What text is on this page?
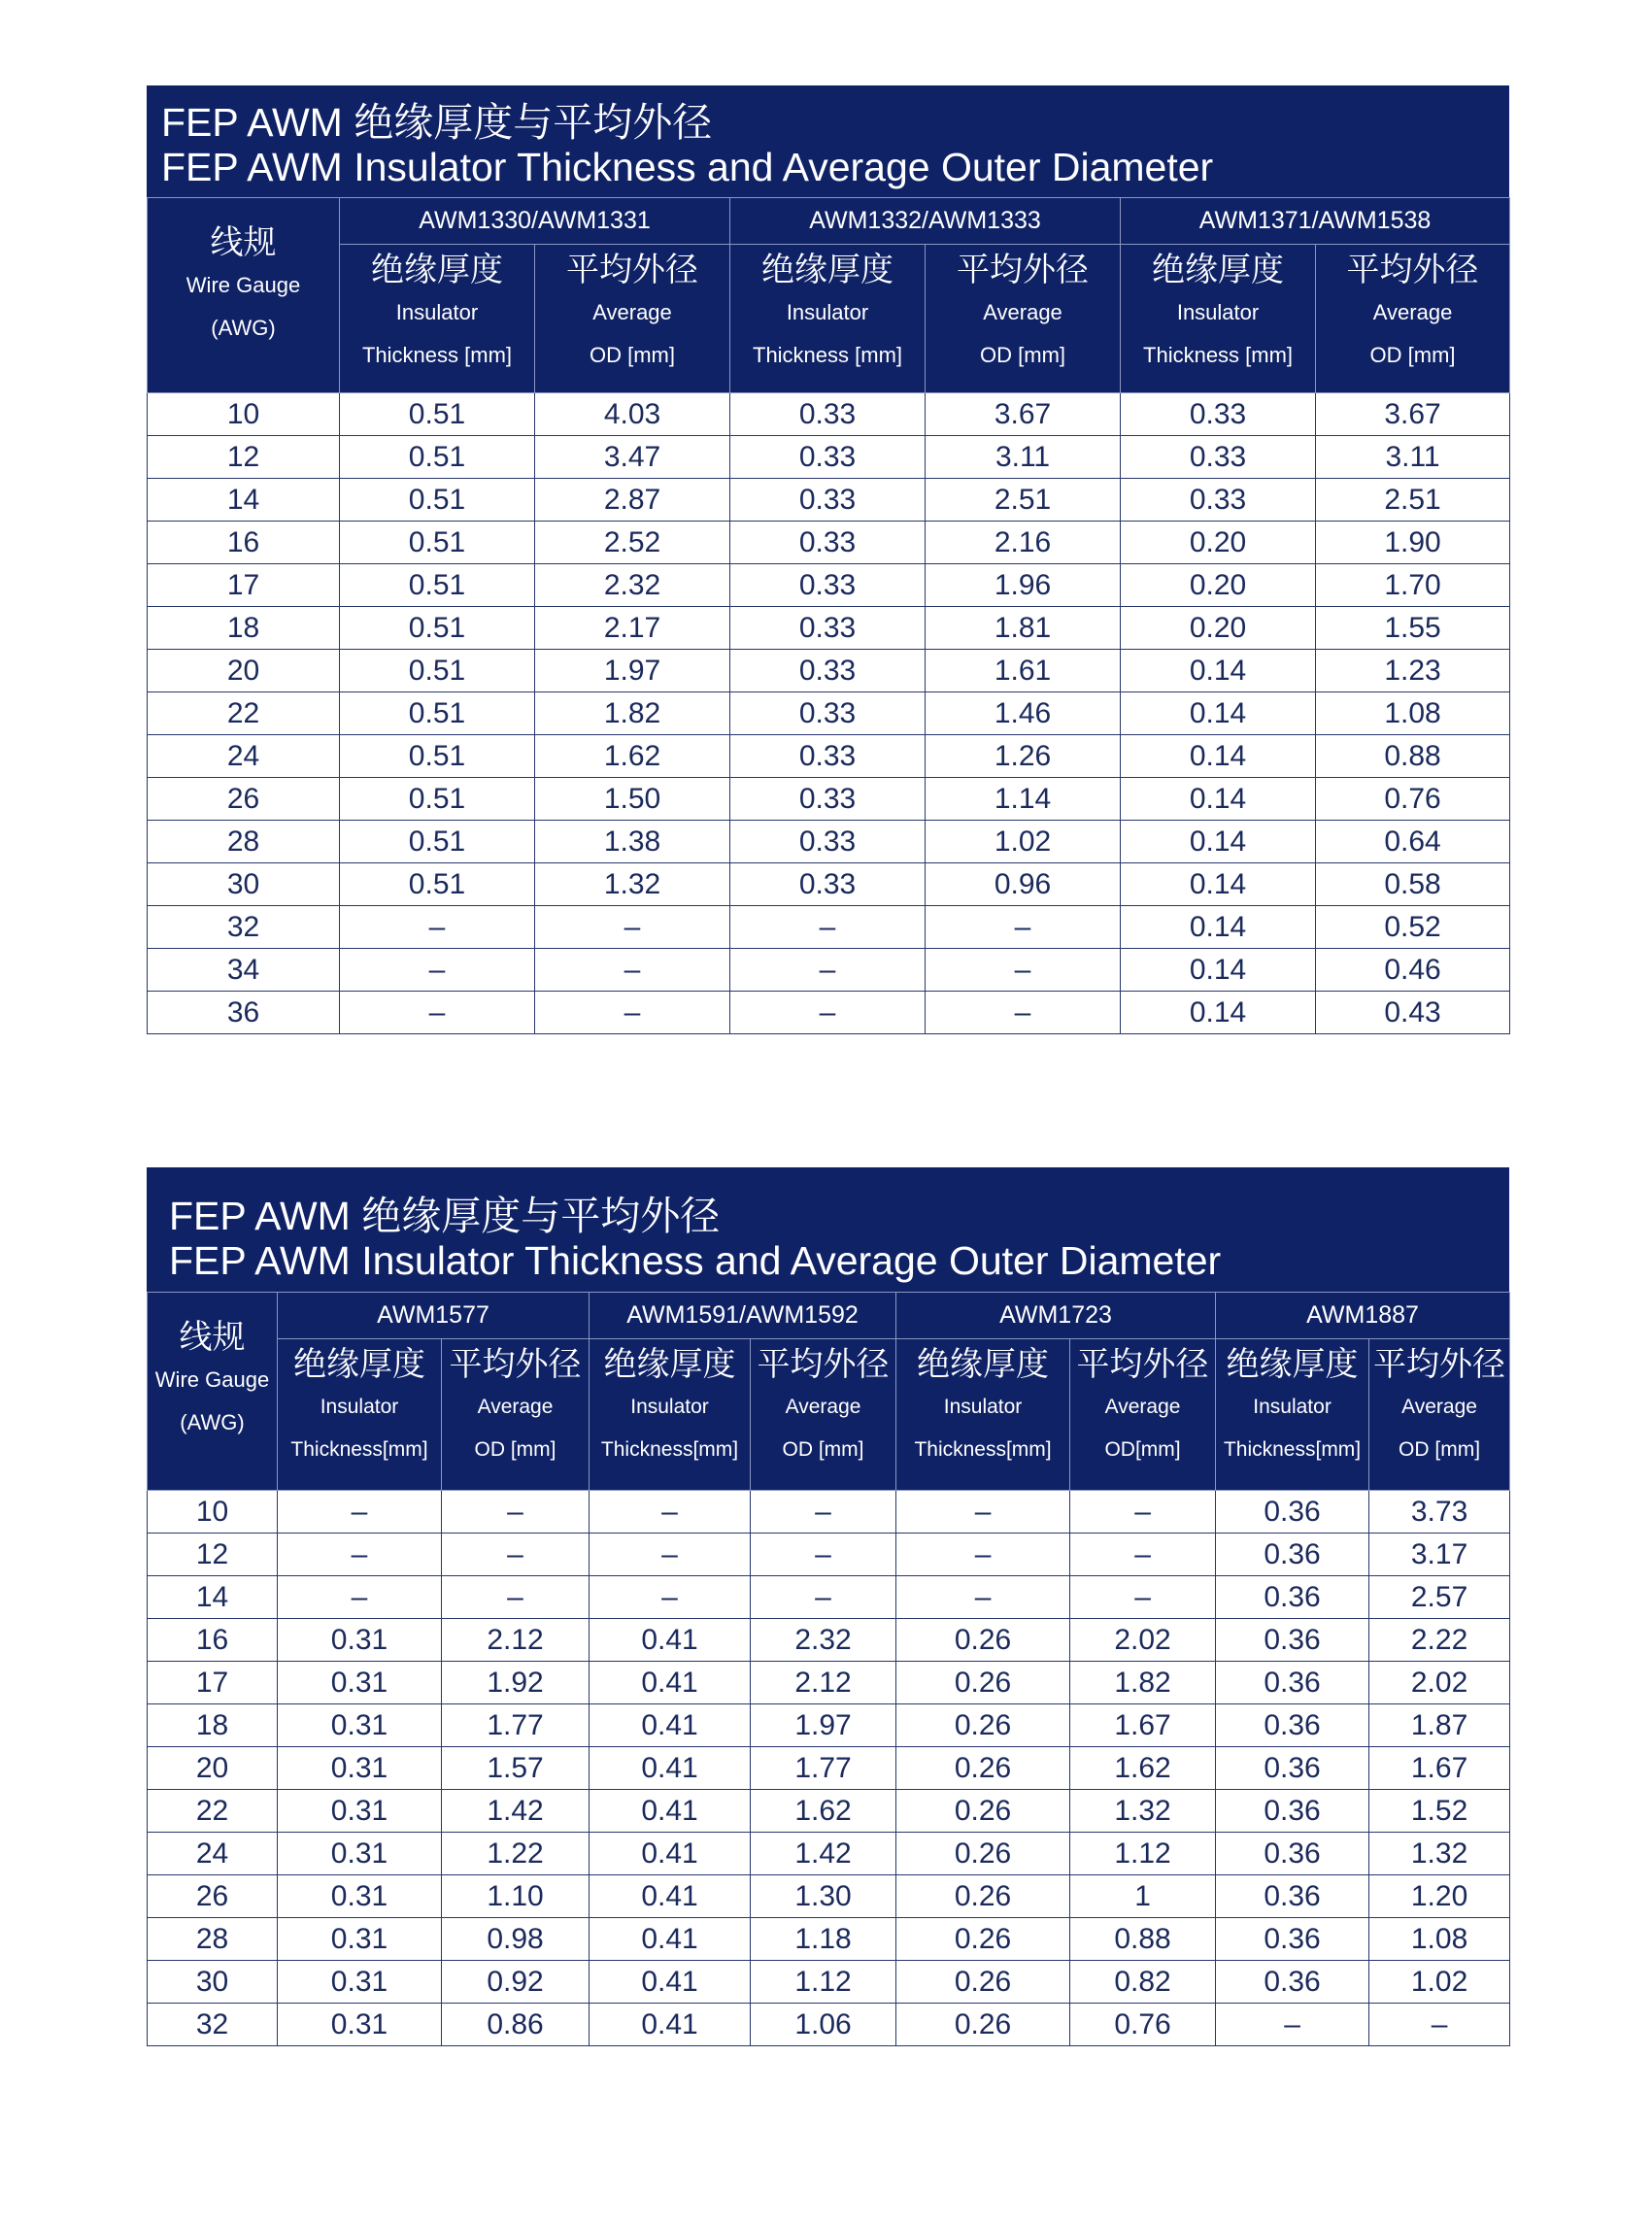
FEP AWM 绝缘厚度与平均外径
FEP AWM Insulator Thickness and Average Outer Diameter
线规
Wire Gauge
(AWG)	AWM1330/AWM1331		AWM1332/AWM1333		AWM1371/AWM1538	

	绝缘厚度
Insulator
Thickness [mm]	平均外径
Average
OD [mm]	绝缘厚度
Insulator
Thickness [mm]	平均外径
Average
OD [mm]	绝缘厚度
Insulator
Thickness [mm]	平均外径
Average
OD [mm]

10	0.51	4.03	0.33	3.67	0.33	3.67
12	0.51	3.47	0.33	3.11	0.33	3.11
14	0.51	2.87	0.33	2.51	0.33	2.51
16	0.51	2.52	0.33	2.16	0.20	1.90
17	0.51	2.32	0.33	1.96	0.20	1.70
18	0.51	2.17	0.33	1.81	0.20	1.55
20	0.51	1.97	0.33	1.61	0.14	1.23
22	0.51	1.82	0.33	1.46	0.14	1.08
24	0.51	1.62	0.33	1.26	0.14	0.88
26	0.51	1.50	0.33	1.14	0.14	0.76
28	0.51	1.38	0.33	1.02	0.14	0.64
30	0.51	1.32	0.33	0.96	0.14	0.58
32	–	–	–	–	0.14	0.52
34	–	–	–	–	0.14	0.46
36	–	–	–	–	0.14	0.43
FEP AWM 绝缘厚度与平均外径
FEP AWM Insulator Thickness and Average Outer Diameter
线规
Wire Gauge
(AWG)	AWM1577		AWM1591/AWM1592		AWM1723		AWM1887	

	绝缘厚度
Insulator
Thickness[mm]	平均外径
Average
OD [mm]	绝缘厚度
Insulator
Thickness[mm]	平均外径
Average
OD [mm]	绝缘厚度
Insulator
Thickness[mm]	平均外径
Average
OD[mm]	绝缘厚度
Insulator
Thickness[mm]	平均外径
Average
OD [mm]

10	–	–	–	–	–	–	0.36	3.73
12	–	–	–	–	–	–	0.36	3.17
14	–	–	–	–	–	–	0.36	2.57
16	0.31	2.12	0.41	2.32	0.26	2.02	0.36	2.22
17	0.31	1.92	0.41	2.12	0.26	1.82	0.36	2.02
18	0.31	1.77	0.41	1.97	0.26	1.67	0.36	1.87
20	0.31	1.57	0.41	1.77	0.26	1.62	0.36	1.67
22	0.31	1.42	0.41	1.62	0.26	1.32	0.36	1.52
24	0.31	1.22	0.41	1.42	0.26	1.12	0.36	1.32
26	0.31	1.10	0.41	1.30	0.26	1	0.36	1.20
28	0.31	0.98	0.41	1.18	0.26	0.88	0.36	1.08
30	0.31	0.92	0.41	1.12	0.26	0.82	0.36	1.02
32	0.31	0.86	0.41	1.06	0.26	0.76	–	–
